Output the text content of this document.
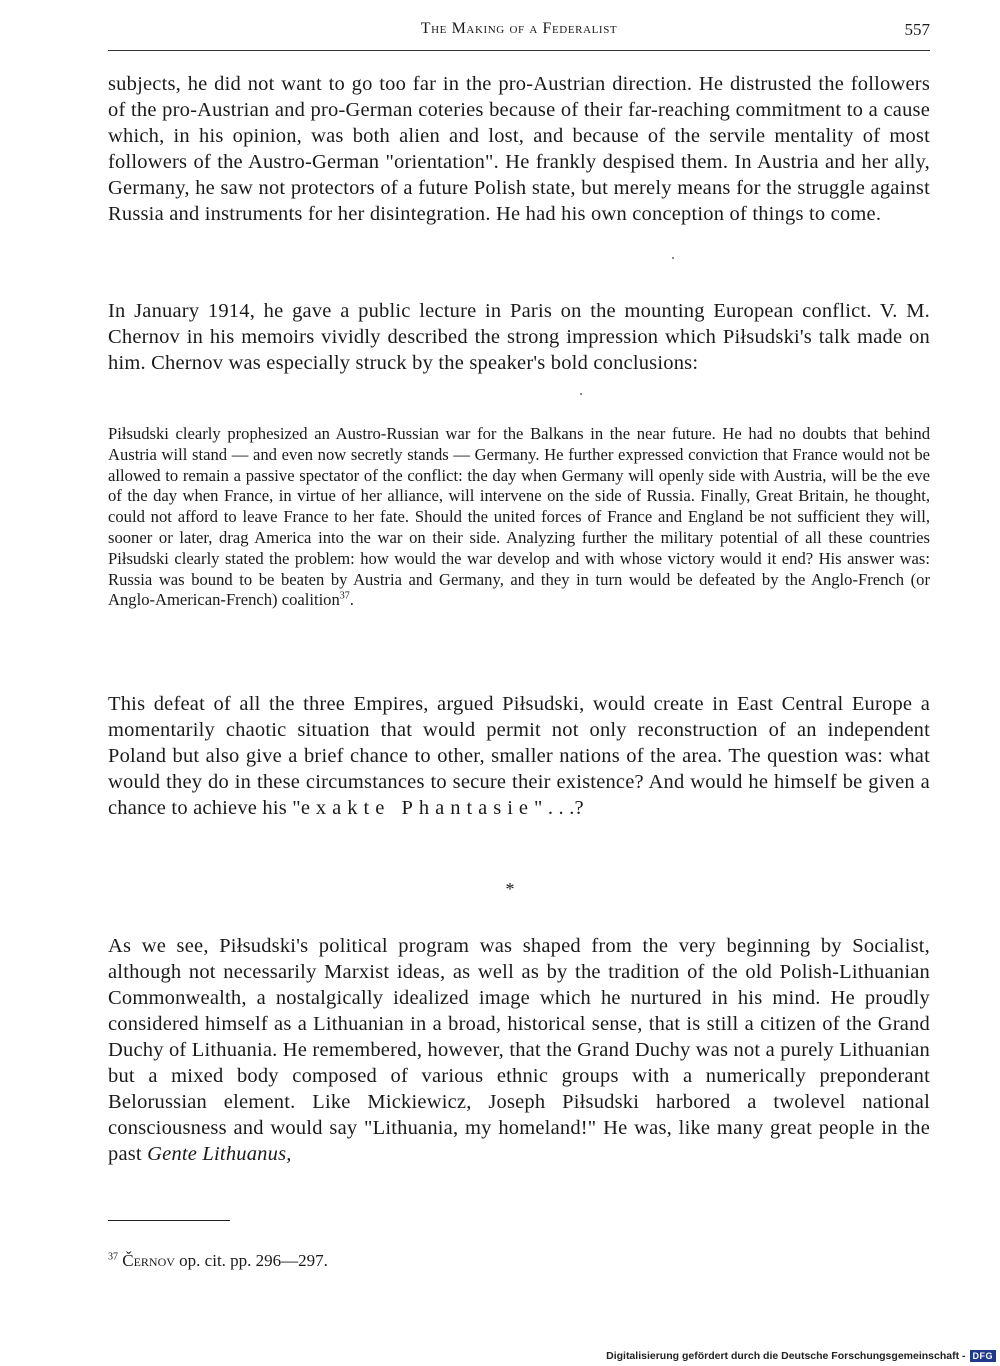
The Making of a Federalist	557

subjects, he did not want to go too far in the pro-Austrian direction. He distrusted the followers of the pro-Austrian and pro-German coteries because of their far-reaching commitment to a cause which, in his opinion, was both alien and lost, and because of the servile mentality of most followers of the Austro-German "orientation". He frankly despised them. In Austria and her ally, Germany, he saw not protectors of a future Polish state, but merely means for the struggle against Russia and instruments for her disintegration. He had his own conception of things to come.

In January 1914, he gave a public lecture in Paris on the mounting European conflict. V. M. Chernov in his memoirs vividly described the strong impression which Piłsudski's talk made on him. Chernov was especially struck by the speaker's bold conclusions:

Piłsudski clearly prophesized an Austro-Russian war for the Balkans in the near future. He had no doubts that behind Austria will stand — and even now secretly stands — Germany. He further expressed conviction that France would not be allowed to remain a passive spectator of the conflict: the day when Germany will openly side with Austria, will be the eve of the day when France, in virtue of her alliance, will intervene on the side of Russia. Finally, Great Britain, he thought, could not afford to leave France to her fate. Should the united forces of France and England be not sufficient they will, sooner or later, drag America into the war on their side. Analyzing further the military potential of all these countries Piłsudski clearly stated the problem: how would the war develop and with whose victory would it end? His answer was: Russia was bound to be beaten by Austria and Germany, and they in turn would be defeated by the Anglo-French (or Anglo-American-French) coalition$^{37}$.

This defeat of all the three Empires, argued Piłsudski, would create in East Central Europe a momentarily chaotic situation that would permit not only reconstruction of an independent Poland but also give a brief chance to other, smaller nations of the area. The question was: what would they do in these circumstances to secure their existence? And would he himself be given a chance to achieve his "exakte Phantasie" . . .?

*

As we see, Piłsudski's political program was shaped from the very beginning by Socialist, although not necessarily Marxist ideas, as well as by the tradition of the old Polish-Lithuanian Commonwealth, a nostalgically idealized image which he nurtured in his mind. He proudly considered himself as a Lithuanian in a broad, historical sense, that is still a citizen of the Grand Duchy of Lithuania. He remembered, however, that the Grand Duchy was not a purely Lithuanian but a mixed body composed of various ethnic groups with a numerically preponderant Belorussian element. Like Mickiewicz, Joseph Piłsudski harbored a twolevel national consciousness and would say "Lithuania, my homeland!" He was, like many great people in the past Gente Lithuanus,

$^{37}$ Černov op. cit. pp. 296—297.
Digitalisierung gefördert durch die Deutsche Forschungsgemeinschaft - DFG
